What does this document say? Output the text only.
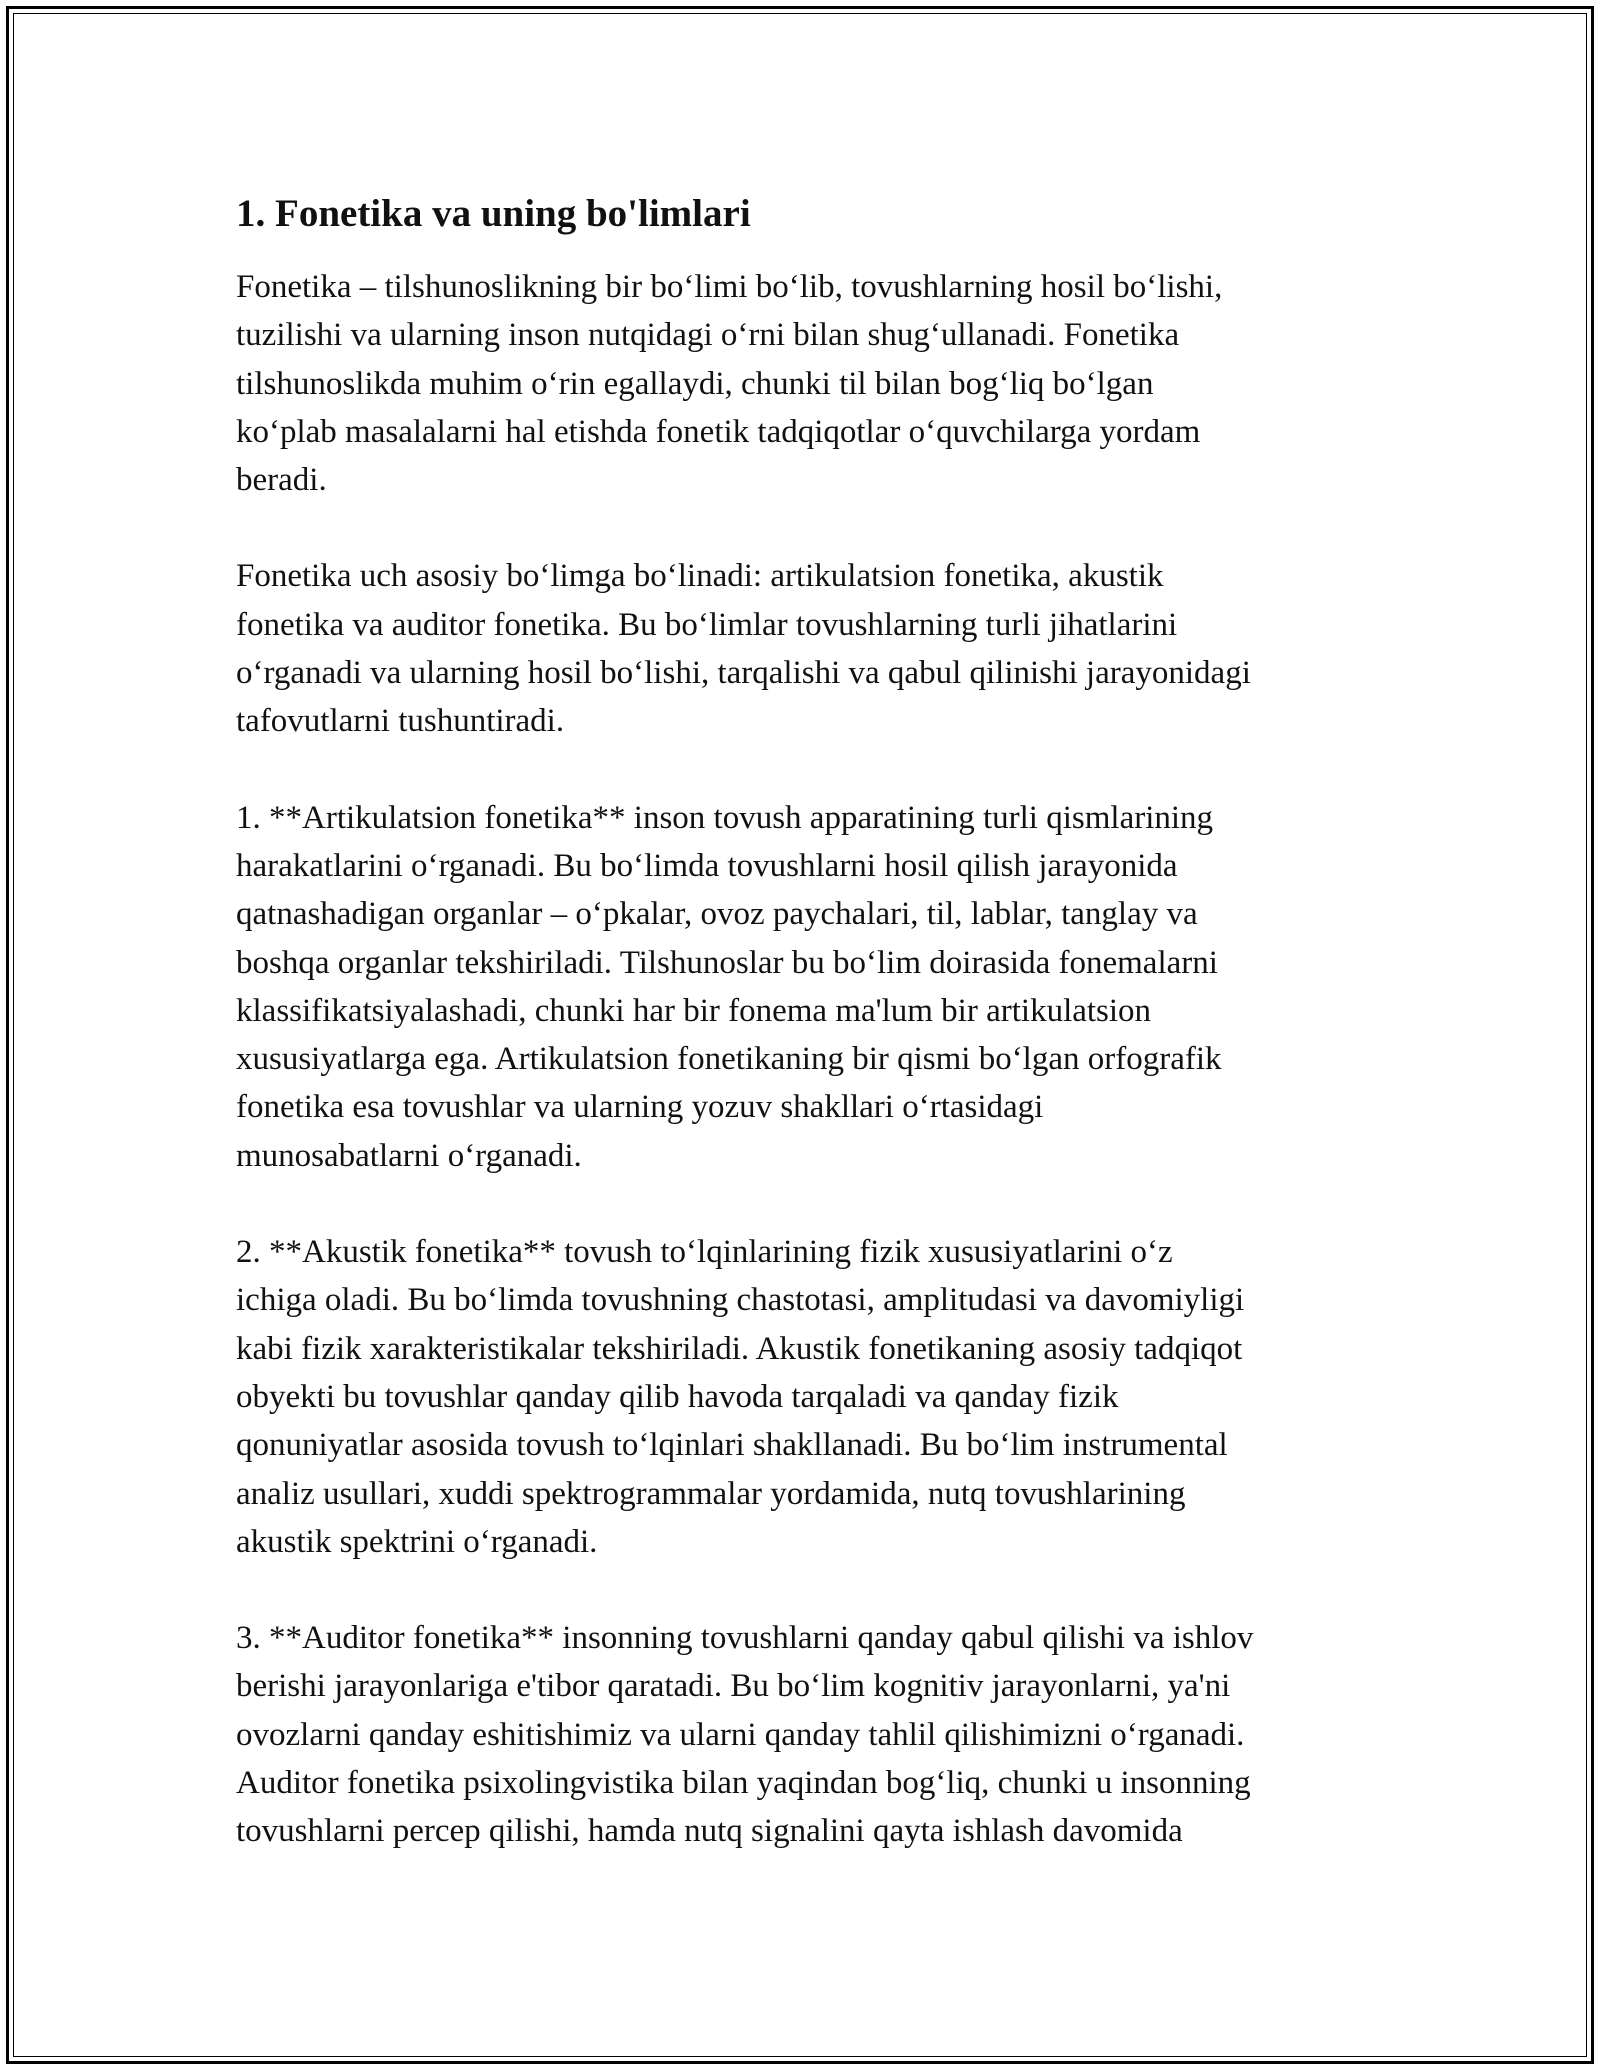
1. Fonetika va uning bo'limlari

Fonetika – tilshunoslikning bir boʻlimi boʻlib, tovushlarning hosil boʻlishi,
tuzilishi va ularning inson nutqidagi oʻrni bilan shugʻullanadi. Fonetika
tilshunoslikda muhim oʻrin egallaydi, chunki til bilan bogʻliq boʻlgan
koʻplab masalalarni hal etishda fonetik tadqiqotlar oʻquvchilarga yordam
beradi.

Fonetika uch asosiy boʻlimga boʻlinadi: artikulatsion fonetika, akustik
fonetika va auditor fonetika. Bu boʻlimlar tovushlarning turli jihatlarini
oʻrganadi va ularning hosil boʻlishi, tarqalishi va qabul qilinishi jarayonidagi
tafovutlarni tushuntiradi.

1. **Artikulatsion fonetika** inson tovush apparatining turli qismlarining
harakatlarini oʻrganadi. Bu boʻlimda tovushlarni hosil qilish jarayonida
qatnashadigan organlar – oʻpkalar, ovoz paychalari, til, lablar, tanglay va
boshqa organlar tekshiriladi. Tilshunoslar bu boʻlim doirasida fonemalarni
klassifikatsiyalashadi, chunki har bir fonema ma'lum bir artikulatsion
xususiyatlarga ega. Artikulatsion fonetikaning bir qismi boʻlgan orfografik
fonetika esa tovushlar va ularning yozuv shakllari oʻrtasidagi
munosabatlarni oʻrganadi.

2. **Akustik fonetika** tovush toʻlqinlarining fizik xususiyatlarini oʻz
ichiga oladi. Bu boʻlimda tovushning chastotasi, amplitudasi va davomiyligi
kabi fizik xarakteristikalar tekshiriladi. Akustik fonetikaning asosiy tadqiqot
obyekti bu tovushlar qanday qilib havoda tarqaladi va qanday fizik
qonuniyatlar asosida tovush toʻlqinlari shakllanadi. Bu boʻlim instrumental
analiz usullari, xuddi spektrogrammalar yordamida, nutq tovushlarining
akustik spektrini oʻrganadi.

3. **Auditor fonetika** insonning tovushlarni qanday qabul qilishi va ishlov
berishi jarayonlariga e'tibor qaratadi. Bu boʻlim kognitiv jarayonlarni, ya'ni
ovozlarni qanday eshitishimiz va ularni qanday tahlil qilishimizni oʻrganadi.
Auditor fonetika psixolingvistika bilan yaqindan bogʻliq, chunki u insonning
tovushlarni percep qilishi, hamda nutq signalini qayta ishlash davomida
